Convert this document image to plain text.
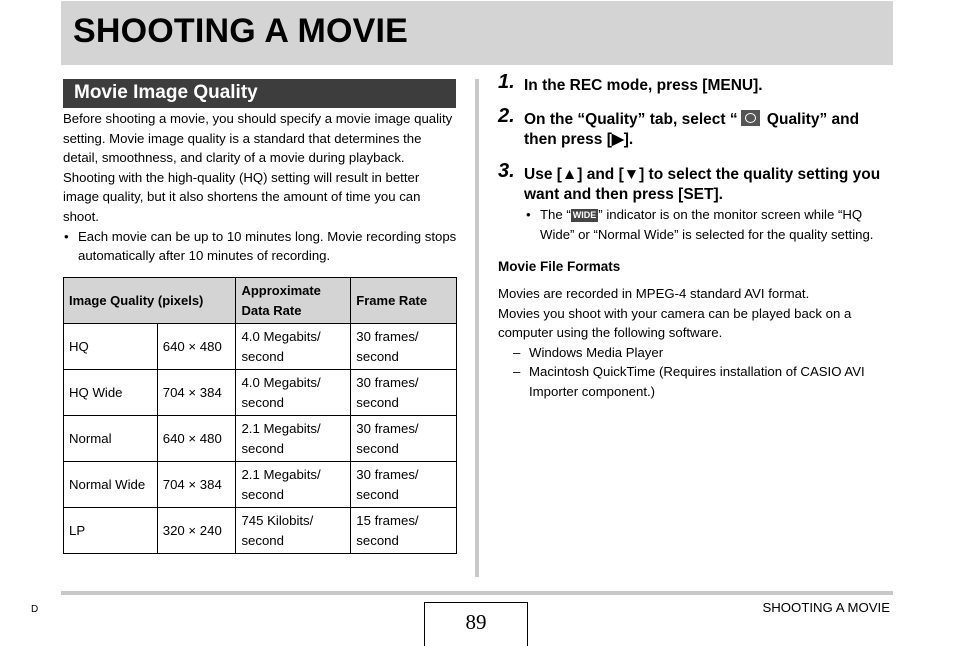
SHOOTING A MOVIE
Movie Image Quality
Before shooting a movie, you should specify a movie image quality setting. Movie image quality is a standard that determines the detail, smoothness, and clarity of a movie during playback. Shooting with the high-quality (HQ) setting will result in better image quality, but it also shortens the amount of time you can shoot.
• Each movie can be up to 10 minutes long. Movie recording stops automatically after 10 minutes of recording.
Image Quality (pixels)		Approximate Data Rate	Frame Rate
HQ	640 × 480	4.0 Megabits/ second	30 frames/ second
HQ Wide	704 × 384	4.0 Megabits/ second	30 frames/ second
Normal	640 × 480	2.1 Megabits/ second	30 frames/ second
Normal Wide	704 × 384	2.1 Megabits/ second	30 frames/ second
LP	320 × 240	745 Kilobits/ second	15 frames/ second
1. In the REC mode, press [MENU].
2. On the “Quality” tab, select “ Quality” and then press [▶].
3. Use [▲] and [▼] to select the quality setting you want and then press [SET].
• The “ WIDE ” indicator is on the monitor screen while “HQ Wide” or “Normal Wide” is selected for the quality setting.
Movie File Formats
Movies are recorded in MPEG-4 standard AVI format.
Movies you shoot with your camera can be played back on a computer using the following software.
– Windows Media Player
– Macintosh QuickTime (Requires installation of CASIO AVI Importer component.)
D
89
SHOOTING A MOVIE
